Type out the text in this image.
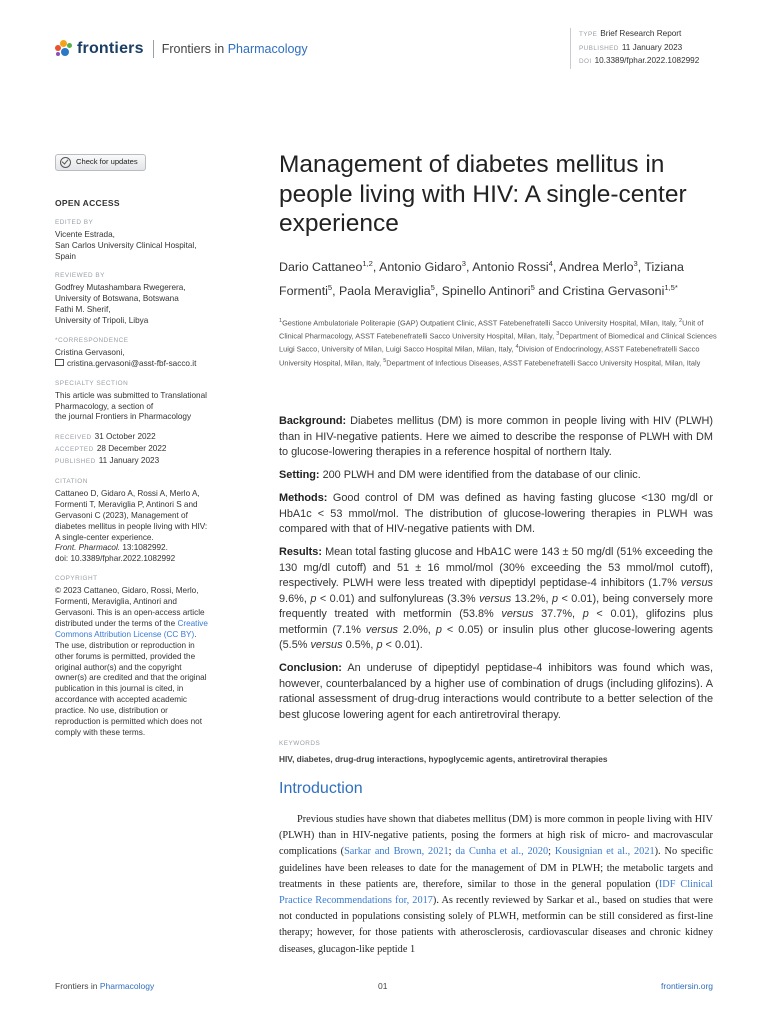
frontiers Frontiers in Pharmacology
TYPE Brief Research Report
PUBLISHED 11 January 2023
DOI 10.3389/fphar.2022.1082992
Check for updates
OPEN ACCESS
EDITED BY
Vicente Estrada,
San Carlos University Clinical Hospital,
Spain
REVIEWED BY
Godfrey Mutashambara Rwegerera,
University of Botswana, Botswana
Fathi M. Sherif,
University of Tripoli, Libya
*CORRESPONDENCE
Cristina Gervasoni,
cristina.gervasoni@asst-fbf-sacco.it
SPECIALTY SECTION
This article was submitted to Translational
Pharmacology, a section of
the journal Frontiers in Pharmacology
RECEIVED 31 October 2022
ACCEPTED 28 December 2022
PUBLISHED 11 January 2023
CITATION
Cattaneo D, Gidaro A, Rossi A, Merlo A,
Formenti T, Meraviglia P, Antinori S and
Gervasoni C (2023), Management of
diabetes mellitus in people living with HIV:
A single-center experience.
Front. Pharmacol. 13:1082992.
doi: 10.3389/fphar.2022.1082992
COPYRIGHT
© 2023 Cattaneo, Gidaro, Rossi, Merlo,
Formenti, Meraviglia, Antinori and
Gervasoni. This is an open-access article
distributed under the terms of the Creative
Commons Attribution License (CC BY).
The use, distribution or reproduction in
other forums is permitted, provided the
original author(s) and the copyright
owner(s) are credited and that the original
publication in this journal is cited, in
accordance with accepted academic
practice. No use, distribution or
reproduction is permitted which does not
comply with these terms.
Management of diabetes mellitus in people living with HIV: A single-center experience
Dario Cattaneo$^{1,2}$, Antonio Gidaro$^3$, Antonio Rossi$^4$, Andrea Merlo$^3$, Tiziana Formenti$^5$, Paola Meraviglia$^5$, Spinello Antinori$^5$ and Cristina Gervasoni$^{1,5*}$
$^1$Gestione Ambulatoriale Politerapie (GAP) Outpatient Clinic, ASST Fatebenefratelli Sacco University Hospital, Milan, Italy, $^2$Unit of Clinical Pharmacology, ASST Fatebenefratelli Sacco University Hospital, Milan, Italy, $^3$Department of Biomedical and Clinical Sciences Luigi Sacco, University of Milan, Luigi Sacco Hospital Milan, Milan, Italy, $^4$Division of Endocrinology, ASST Fatebenefratelli Sacco University Hospital, Milan, Italy, $^5$Department of Infectious Diseases, ASST Fatebenefratelli Sacco University Hospital, Milan, Italy

Background: Diabetes mellitus (DM) is more common in people living with HIV (PLWH) than in HIV-negative patients. Here we aimed to describe the response of PLWH with DM to glucose-lowering therapies in a reference hospital of northern Italy.

Setting: 200 PLWH and DM were identified from the database of our clinic.

Methods: Good control of DM was defined as having fasting glucose <130 mg/dl or HbA1c < 53 mmol/mol. The distribution of glucose-lowering therapies in PLWH was compared with that of HIV-negative patients with DM.

Results: Mean total fasting glucose and HbA1C were 143 ± 50 mg/dl (51% exceeding the 130 mg/dl cutoff) and 51 ± 16 mmol/mol (30% exceeding the 53 mmol/mol cutoff), respectively. PLWH were less treated with dipeptidyl peptidase-4 inhibitors (1.7% versus 9.6%, p < 0.01) and sulfonylureas (3.3% versus 13.2%, p < 0.01), being conversely more frequently treated with metformin (53.8% versus 37.7%, p < 0.01), glifozins plus metformin (7.1% versus 2.0%, p < 0.05) or insulin plus other glucose-lowering agents (5.5% versus 0.5%, p < 0.01).

Conclusion: An underuse of dipeptidyl peptidase-4 inhibitors was found which was, however, counterbalanced by a higher use of combination of drugs (including glifozins). A rational assessment of drug-drug interactions would contribute to a better selection of the best glucose lowering agent for each antiretroviral therapy.

KEYWORDS
HIV, diabetes, drug-drug interactions, hypoglycemic agents, antiretroviral therapies
Introduction

Previous studies have shown that diabetes mellitus (DM) is more common in people living with HIV (PLWH) than in HIV-negative patients, posing the formers at high risk of micro- and macrovascular complications (Sarkar and Brown, 2021; da Cunha et al., 2020; Kousignian et al., 2021). No specific guidelines have been releases to date for the management of DM in PLWH; the metabolic targets and treatments in these patients are, therefore, similar to those in the general population (IDF Clinical Practice Recommendations for, 2017). As recently reviewed by Sarkar et al., based on studies that were not conducted in populations consisting solely of PLWH, metformin can be still considered as first-line therapy; however, for those patients with atherosclerosis, cardiovascular diseases and chronic kidney diseases, glucagon-like peptide 1

Frontiers in Pharmacology	01	frontiersin.org
